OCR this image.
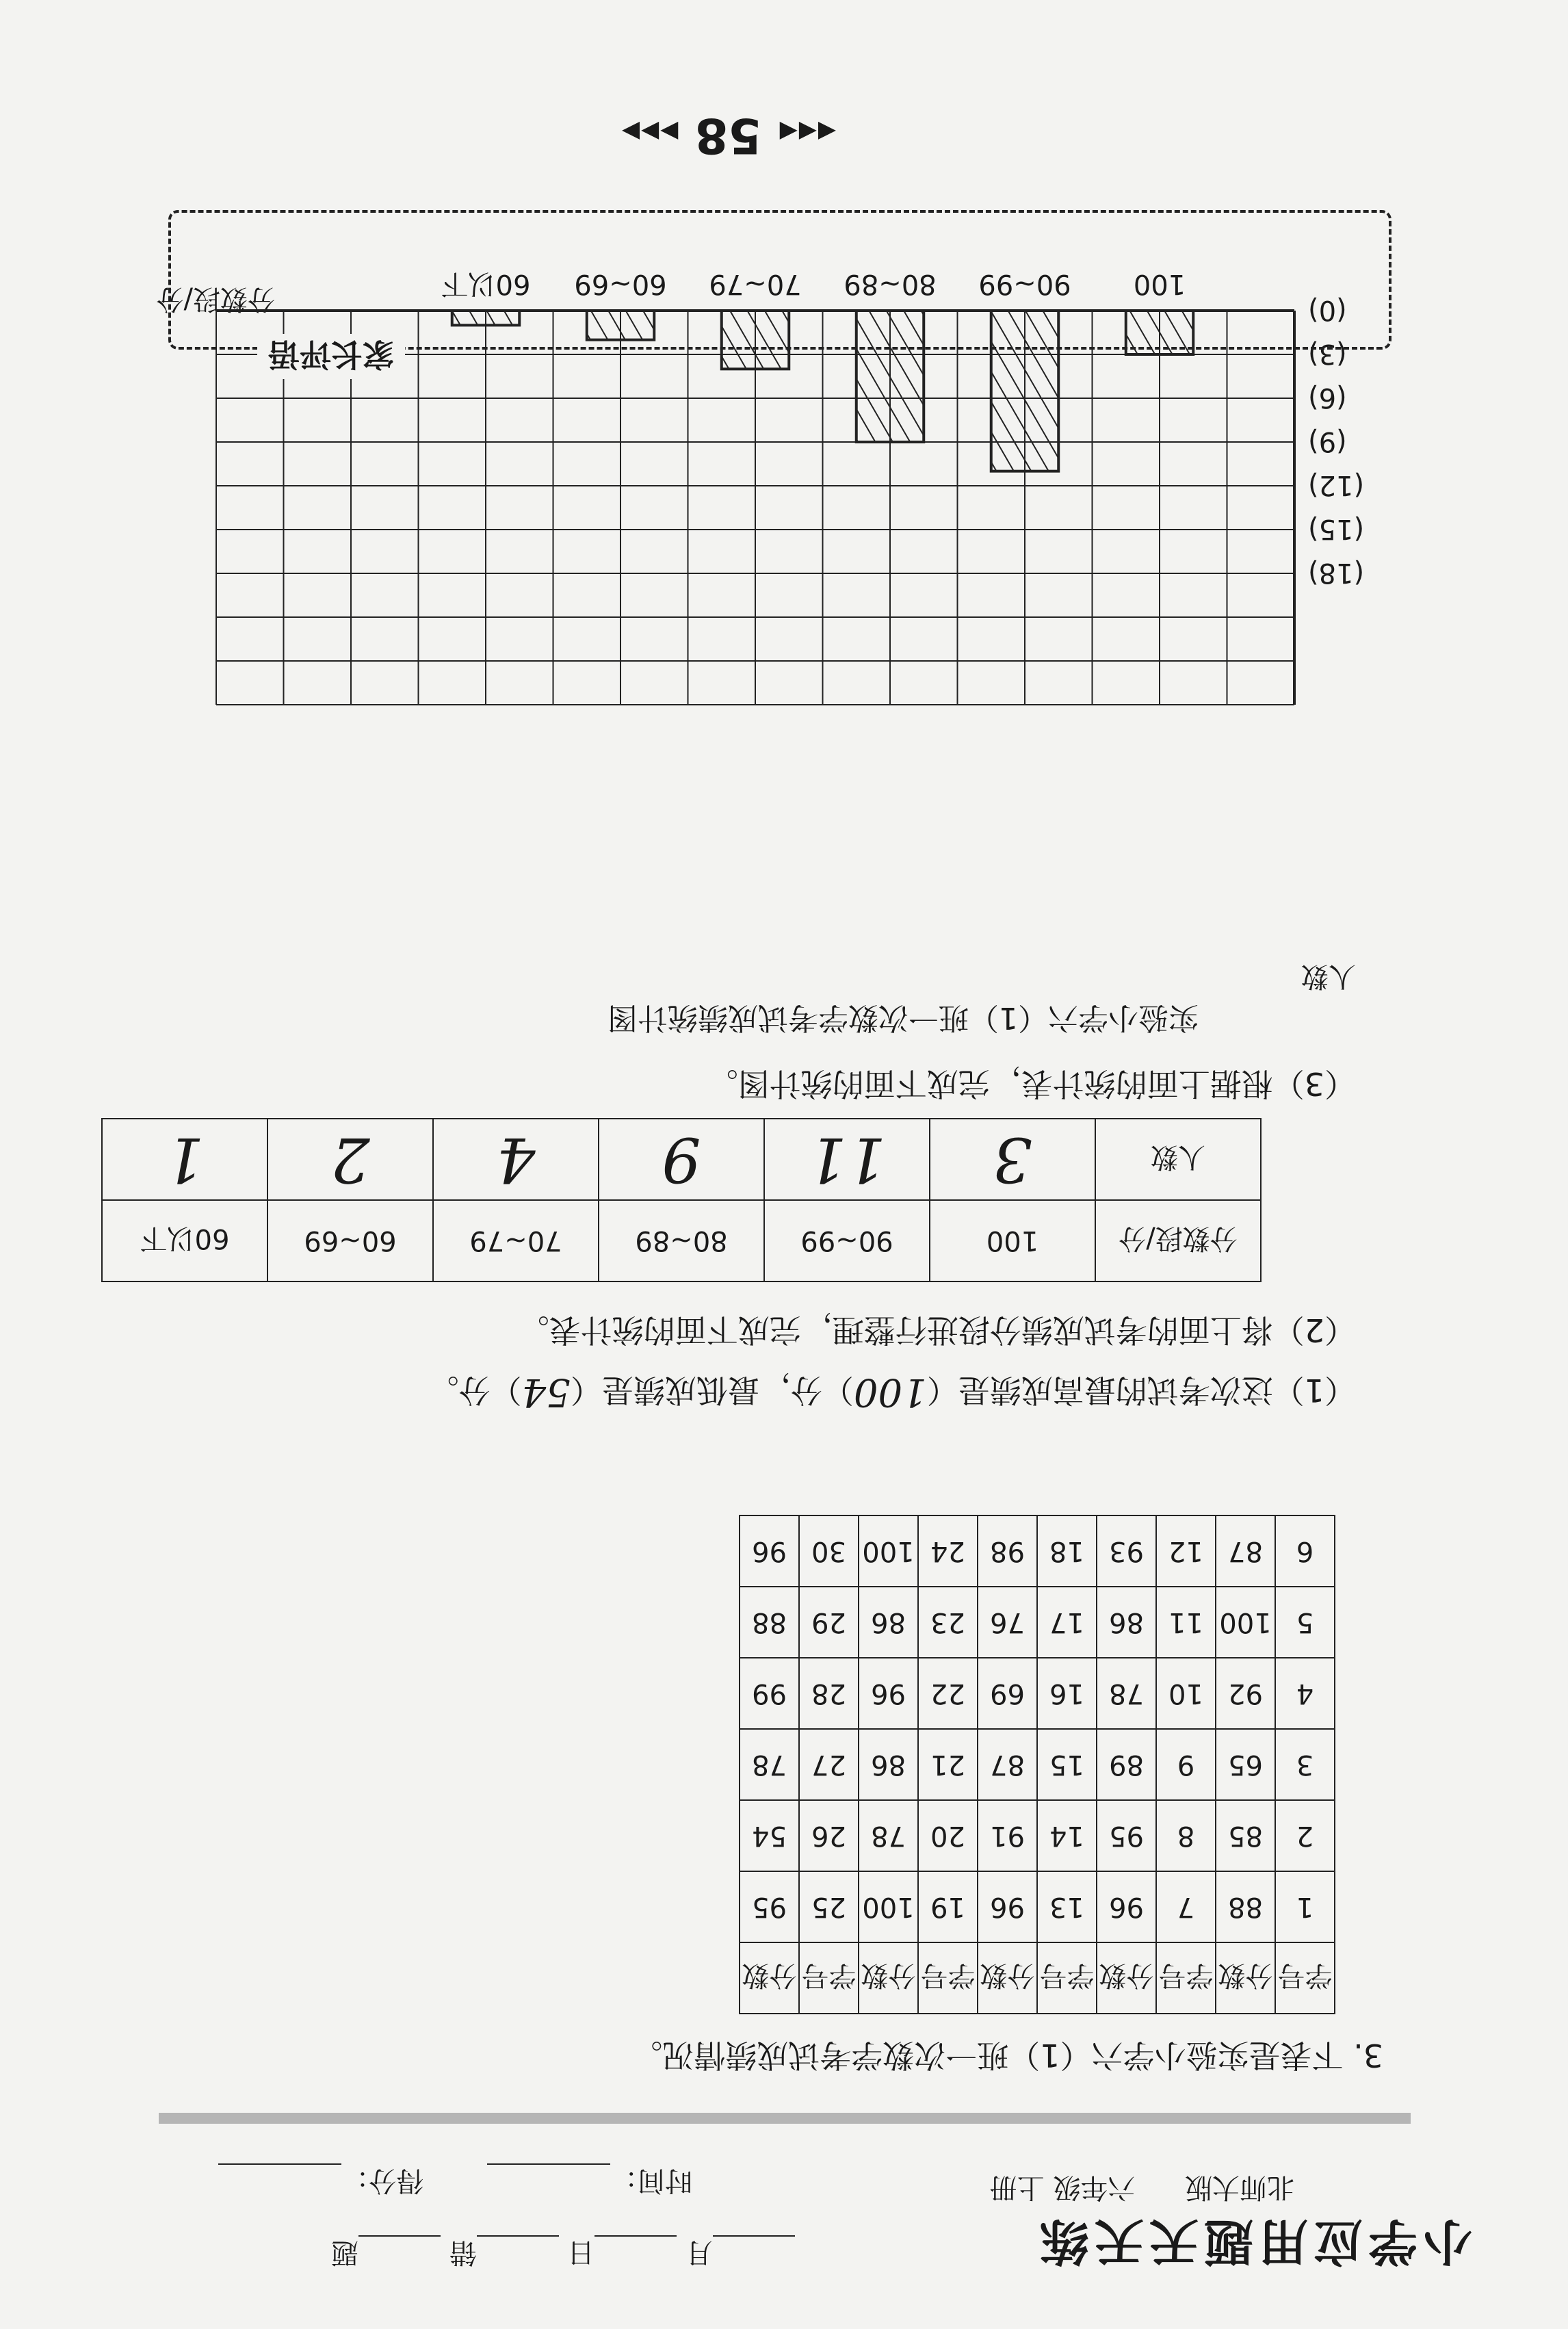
小学应用题天天练
北师大版 六年级 上册
月 日 错 题
时间： 得分：
3. 下表是实验小学六（1）班一次数学考试成绩情况。
学号	分数	学号	分数	学号	分数	学号	分数	学号	分数
1	88	7	96	13	96	19	100	25	95
2	85	8	95	14	91	20	78	26	54
3	65	9	89	15	87	21	86	27	78
4	92	10	78	16	69	22	96	28	99
5	100	11	86	17	76	23	86	29	88
6	87	12	93	18	98	24	100	30	96
（1）这次考试的最高成绩是（100）分，最低成绩是（54）分。
（2）将上面的考试成绩分段进行整理，完成下面的统计表。
分数段/分	100	90~99	80~89	70~79	60~69	60以下
人数	3	11	9	4	2	1
（3）根据上面的统计表，完成下面的统计图。
实验小学六（1）班一次数学考试成绩统计图
人数
分数段/分	(0)
(3)
(6)
(9)
(12)
(15)
(18)
100
90~99
80~89
70~79
60~69
60以下
家长评语
◀◀◀ 58 ▶▶▶
